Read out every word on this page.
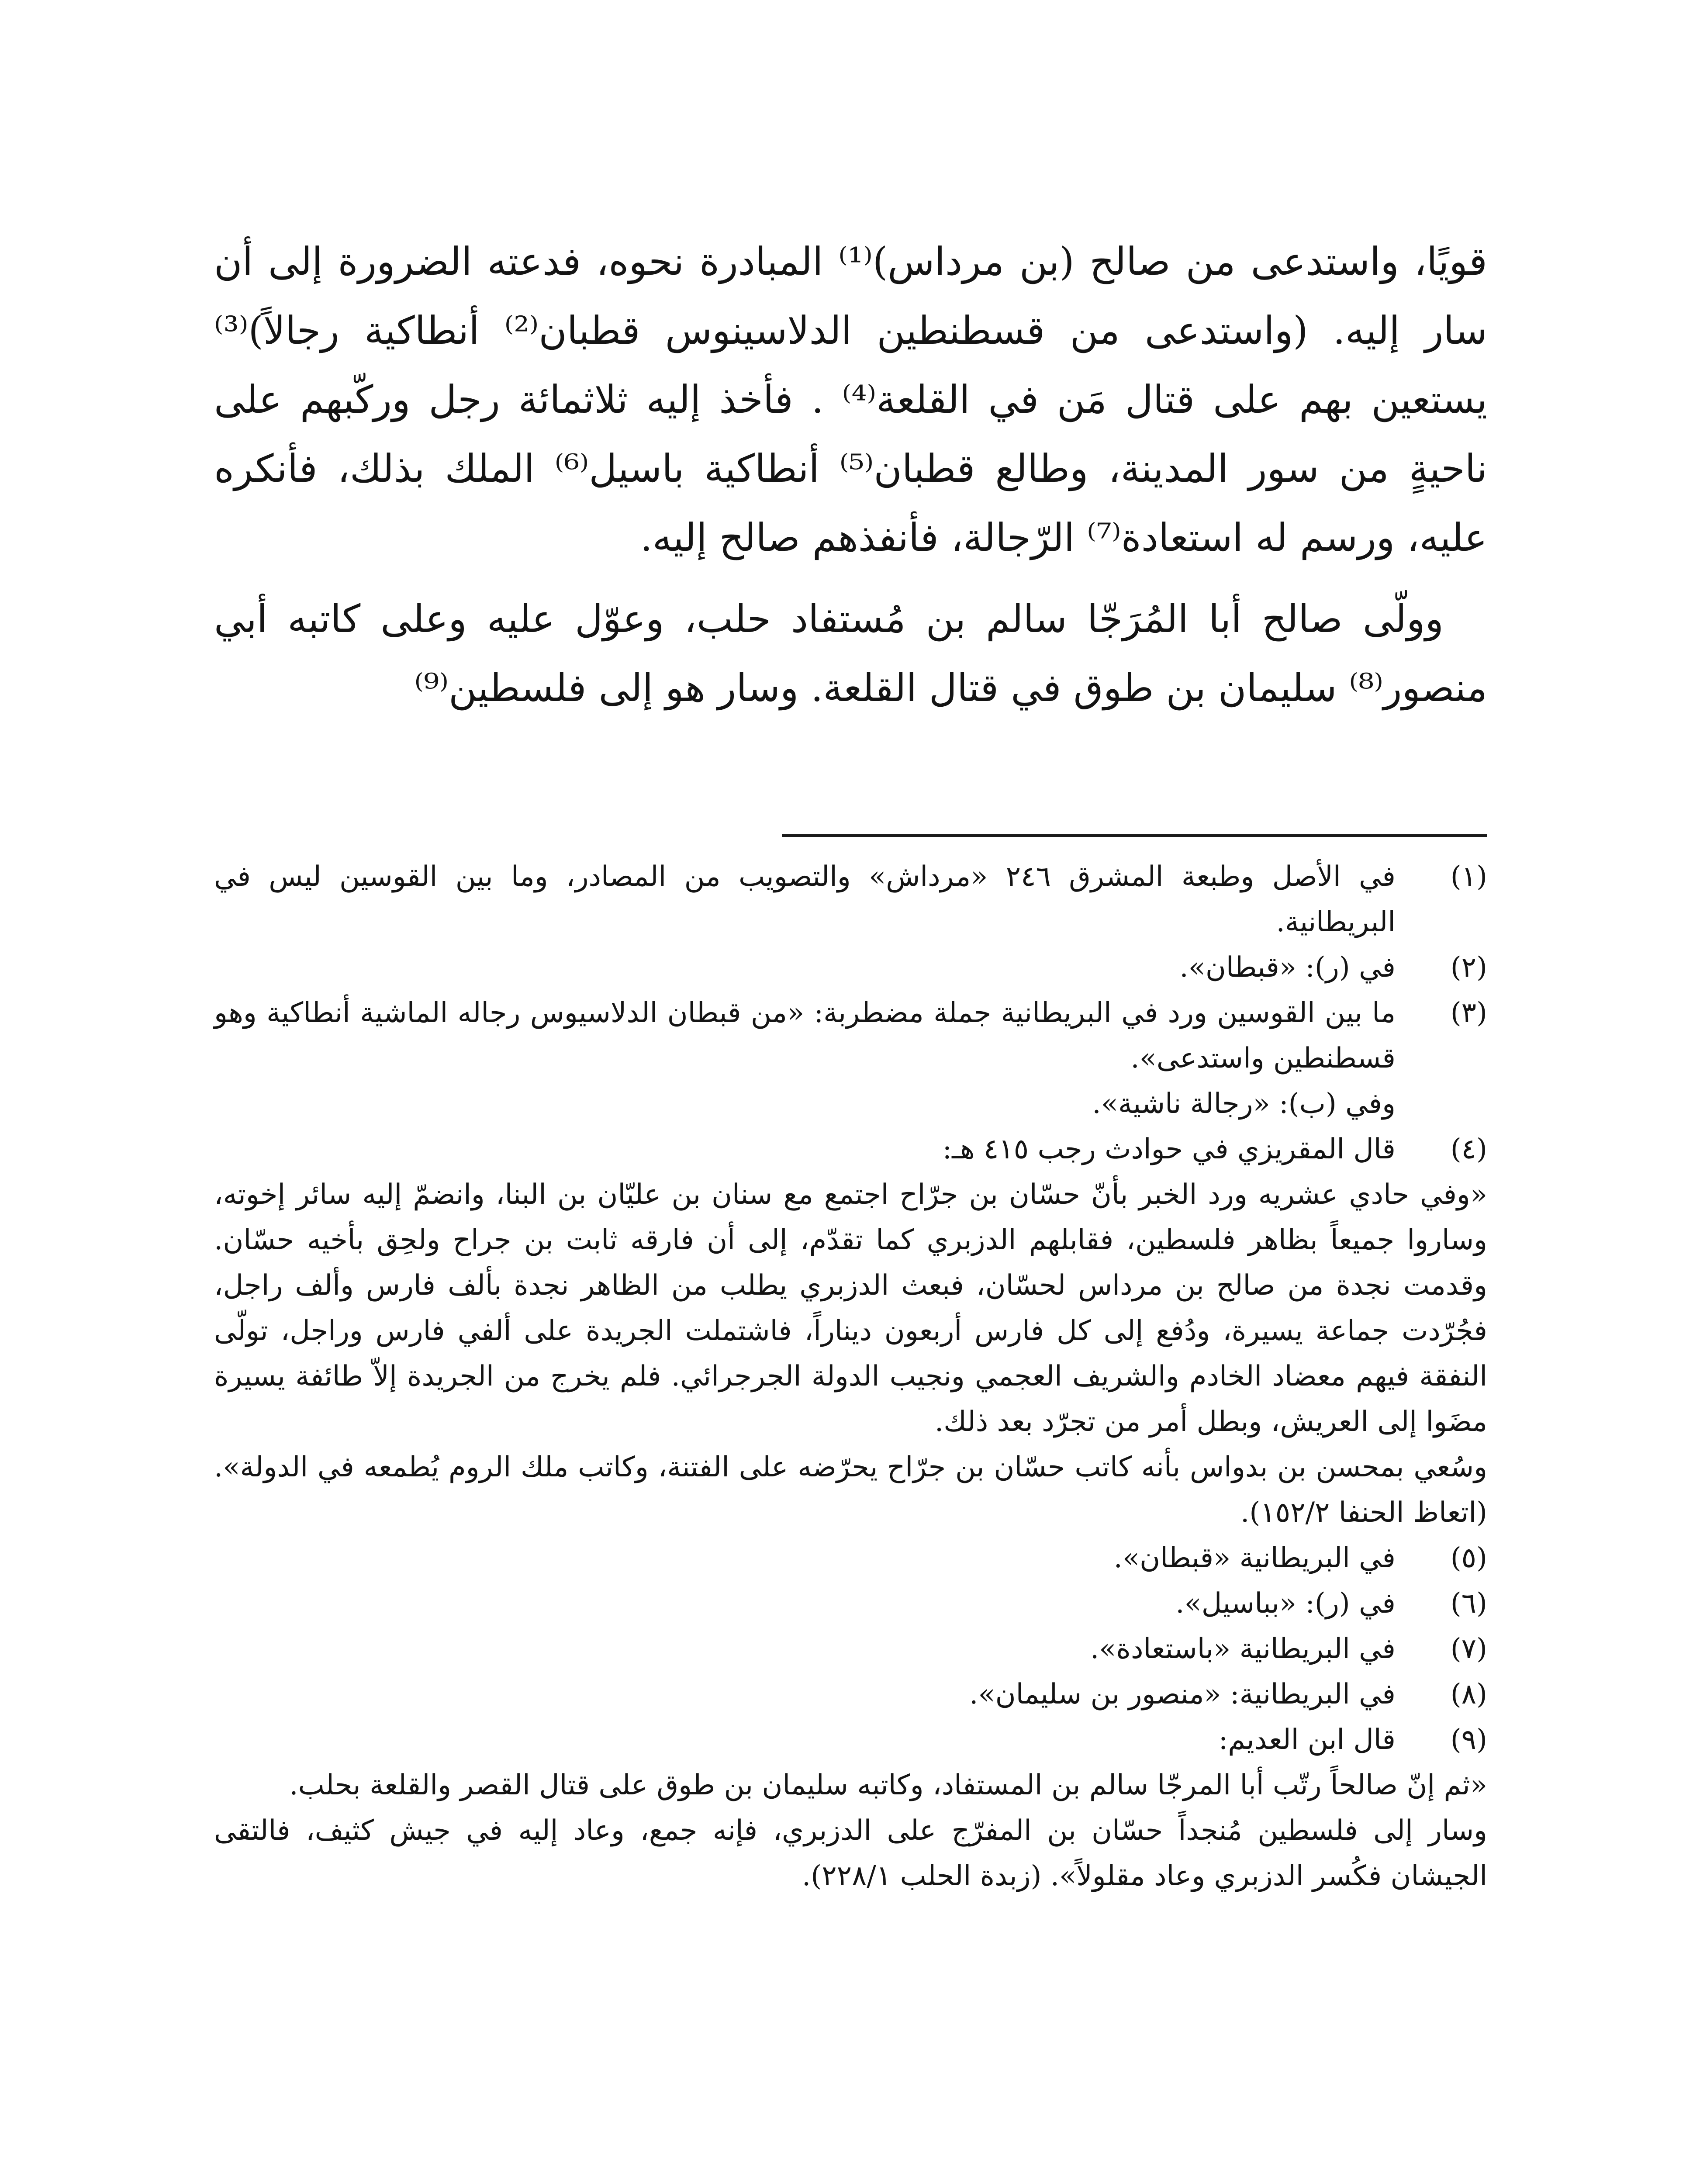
قويًا، واستدعى من صالح (بن مرداس)⁽¹⁾ المبادرة نحوه، فدعته الضرورة إلى أن سار إليه. (واستدعى من قسطنطين الدلاسينوس قطبان⁽²⁾ أنطاكية رجالاً)⁽³⁾ يستعين بهم على قتال مَن في القلعة⁽⁴⁾ . فأخذ إليه ثلاثمائة رجل وركّبهم على ناحيةٍ من سور المدينة، وطالع قطبان⁽⁵⁾ أنطاكية باسيل⁽⁶⁾ الملك بذلك، فأنكره عليه، ورسم له استعادة⁽⁷⁾ الرّجالة، فأنفذهم صالح إليه.

وولّى صالح أبا المُرَجّا سالم بن مُستفاد حلب، وعوّل عليه وعلى كاتبه أبي منصور⁽⁸⁾ سليمان بن طوق في قتال القلعة. وسار هو إلى فلسطين⁽⁹⁾

(١)
في الأصل وطبعة المشرق ٢٤٦ «مرداش» والتصويب من المصادر، وما بين القوسين ليس في البريطانية.
(٢)
في (ر): «قبطان».
(٣)
ما بين القوسين ورد في البريطانية جملة مضطربة: «من قبطان الدلاسيوس رجاله الماشية أنطاكية وهو قسطنطين واستدعى».
وفي (ب): «رجالة ناشية».
(٤)
قال المقريزي في حوادث رجب ٤١٥ هـ:
«وفي حادي عشريه ورد الخبر بأنّ حسّان بن جرّاح اجتمع مع سنان بن عليّان بن البنا، وانضمّ إليه سائر إخوته، وساروا جميعاً بظاهر فلسطين، فقابلهم الدزبري كما تقدّم، إلى أن فارقه ثابت بن جراح ولحِق بأخيه حسّان. وقدمت نجدة من صالح بن مرداس لحسّان، فبعث الدزبري يطلب من الظاهر نجدة بألف فارس وألف راجل، فجُرّدت جماعة يسيرة، ودُفع إلى كل فارس أربعون ديناراً، فاشتملت الجريدة على ألفي فارس وراجل، تولّى النفقة فيهم معضاد الخادم والشريف العجمي ونجيب الدولة الجرجرائي. فلم يخرج من الجريدة إلاّ طائفة يسيرة مضَوا إلى العريش، وبطل أمر من تجرّد بعد ذلك.
وسُعي بمحسن بن بدواس بأنه كاتب حسّان بن جرّاح يحرّضه على الفتنة، وكاتب ملك الروم يُطمعه في الدولة». (اتعاظ الحنفا ١٥٢/٢).
(٥)
في البريطانية «قبطان».
(٦)
في (ر): «بباسيل».
(٧)
في البريطانية «باستعادة».
(٨)
في البريطانية: «منصور بن سليمان».
(٩)
قال ابن العديم:
«ثم إنّ صالحاً رتّب أبا المرجّا سالم بن المستفاد، وكاتبه سليمان بن طوق على قتال القصر والقلعة بحلب.
وسار إلى فلسطين مُنجداً حسّان بن المفرّج على الدزبري، فإنه جمع، وعاد إليه في جيش كثيف، فالتقى الجيشان فكُسر الدزبري وعاد مقلولاً». (زبدة الحلب ٢٢٨/١).
